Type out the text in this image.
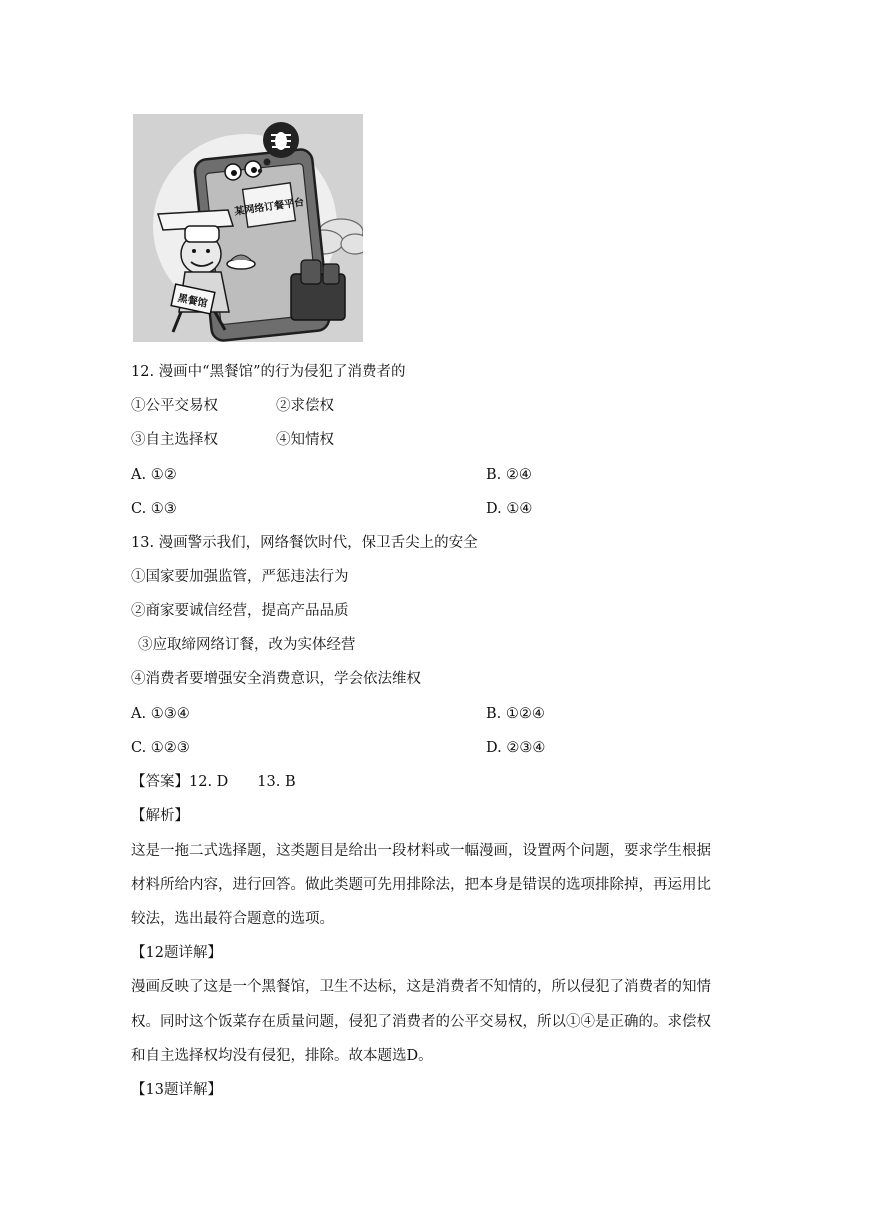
某网络订餐平台
黑餐馆
12. 漫画中“黑餐馆”的行为侵犯了消费者的
①公平交易权	②求偿权
③自主选择权	④知情权
A. ①②	B. ②④
C. ①③	D. ①④
13. 漫画警示我们，网络餐饮时代，保卫舌尖上的安全
①国家要加强监管，严惩违法行为
②商家要诚信经营，提高产品品质
③应取缔网络订餐，改为实体经营
④消费者要增强安全消费意识，学会依法维权
A. ①③④	B. ①②④
C. ①②③	D. ②③④
【答案】12. D　　13. B
【解析】
这是一拖二式选择题，这类题目是给出一段材料或一幅漫画，设置两个问题，要求学生根据
材料所给内容，进行回答。做此类题可先用排除法，把本身是错误的选项排除掉，再运用比
较法，选出最符合题意的选项。
【12题详解】
漫画反映了这是一个黑餐馆，卫生不达标，这是消费者不知情的，所以侵犯了消费者的知情
权。同时这个饭菜存在质量问题，侵犯了消费者的公平交易权，所以①④是正确的。求偿权
和自主选择权均没有侵犯，排除。故本题选D。
【13题详解】
